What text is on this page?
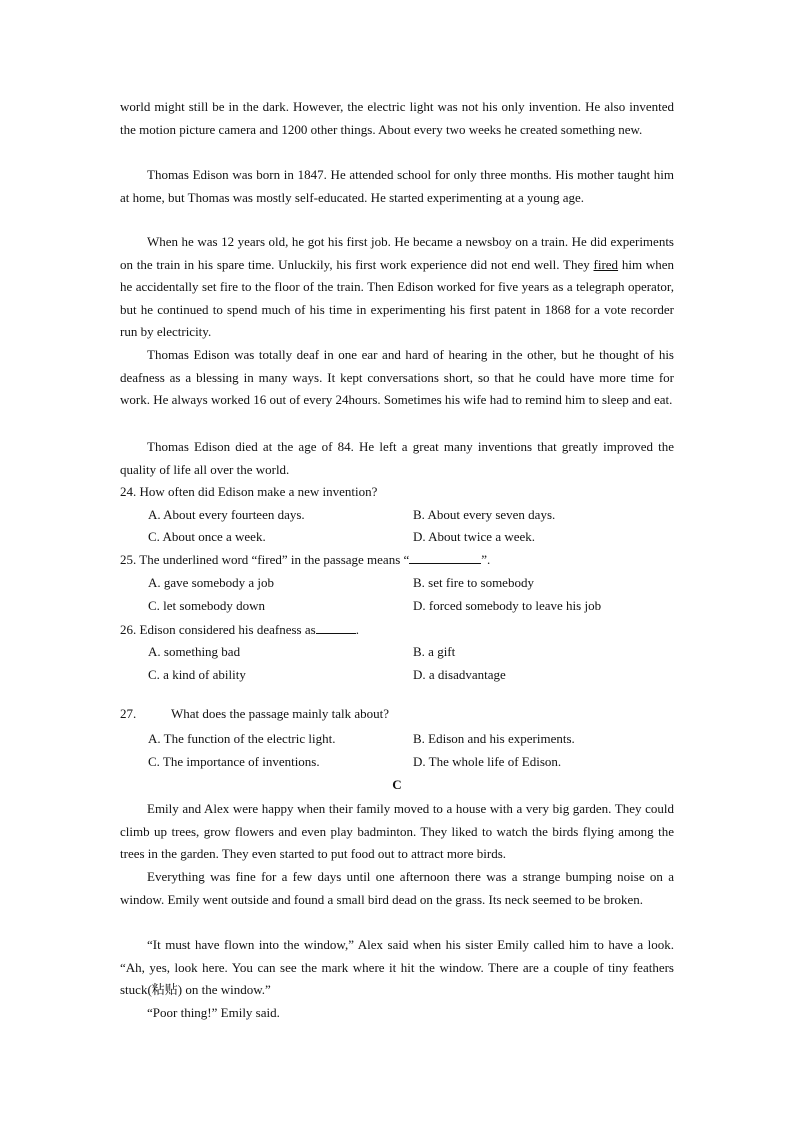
world might still be in the dark. However, the electric light was not his only invention. He also invented the motion picture camera and 1200 other things. About every two weeks he created something new.

Thomas Edison was born in 1847. He attended school for only three months. His mother taught him at home, but Thomas was mostly self-educated. He started experimenting at a young age.

When he was 12 years old, he got his first job. He became a newsboy on a train. He did experiments on the train in his spare time. Unluckily, his first work experience did not end well. They fired him when he accidentally set fire to the floor of the train. Then Edison worked for five years as a telegraph operator, but he continued to spend much of his time in experimenting his first patent in 1868 for a vote recorder run by electricity.

Thomas Edison was totally deaf in one ear and hard of hearing in the other, but he thought of his deafness as a blessing in many ways. It kept conversations short, so that he could have more time for work. He always worked 16 out of every 24hours. Sometimes his wife had to remind him to sleep and eat.

Thomas Edison died at the age of 84. He left a great many inventions that greatly improved the quality of life all over the world.

24. How often did Edison make a new invention?
A. About every fourteen days.	B. About every seven days.
C. About once a week.	D. About twice a week.
25. The underlined word “fired” in the passage means “	”.
A. gave somebody a job	B. set fire to somebody
C. let somebody down	D. forced somebody to leave his job
26. Edison considered his deafness as	.
A. something bad	B. a gift
C. a kind of ability	D. a disadvantage
27.	What does the passage mainly talk about?
A. The function of the electric light.	B. Edison and his experiments.
C. The importance of inventions.	D. The whole life of Edison.
C

Emily and Alex were happy when their family moved to a house with a very big garden. They could climb up trees, grow flowers and even play badminton. They liked to watch the birds flying among the trees in the garden. They even started to put food out to attract more birds.

Everything was fine for a few days until one afternoon there was a strange bumping noise on a window. Emily went outside and found a small bird dead on the grass. Its neck seemed to be broken.

“It must have flown into the window,” Alex said when his sister Emily called him to have a look. “Ah, yes, look here. You can see the mark where it hit the window. There are a couple of tiny feathers stuck(粘贴) on the window.”

“Poor thing!” Emily said.
